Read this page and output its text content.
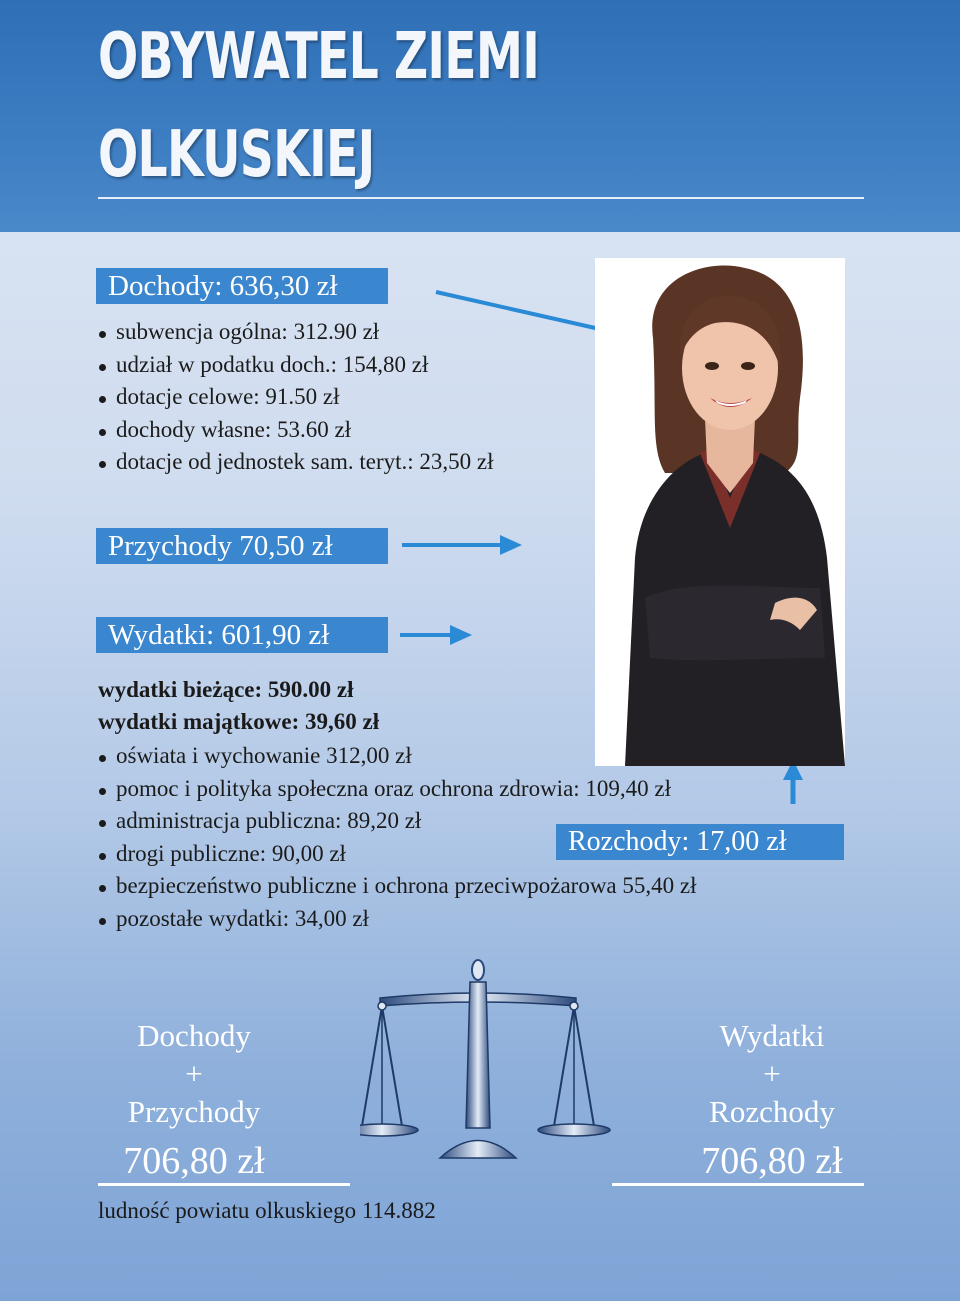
OBYWATEL ZIEMI
OLKUSKIEJ
Dochody: 636,30 zł
subwencja ogólna: 312.90 zł
udział w podatku doch.: 154,80 zł
dotacje celowe: 91.50 zł
dochody własne: 53.60 zł
dotacje od jednostek sam. teryt.: 23,50 zł
Przychody 70,50 zł
Wydatki: 601,90 zł
wydatki bieżące: 590.00 zł
wydatki majątkowe: 39,60 zł
oświata i wychowanie 312,00 zł
pomoc i polityka społeczna oraz ochrona zdrowia: 109,40 zł
administracja publiczna: 89,20 zł
drogi publiczne: 90,00 zł
bezpieczeństwo publiczne i ochrona przeciwpożarowa 55,40 zł
pozostałe wydatki: 34,00 zł
Rozchody: 17,00 zł
Dochody
+
Przychody
706,80 zł
Wydatki
+
Rozchody
706,80 zł
ludność powiatu olkuskiego 114.882
